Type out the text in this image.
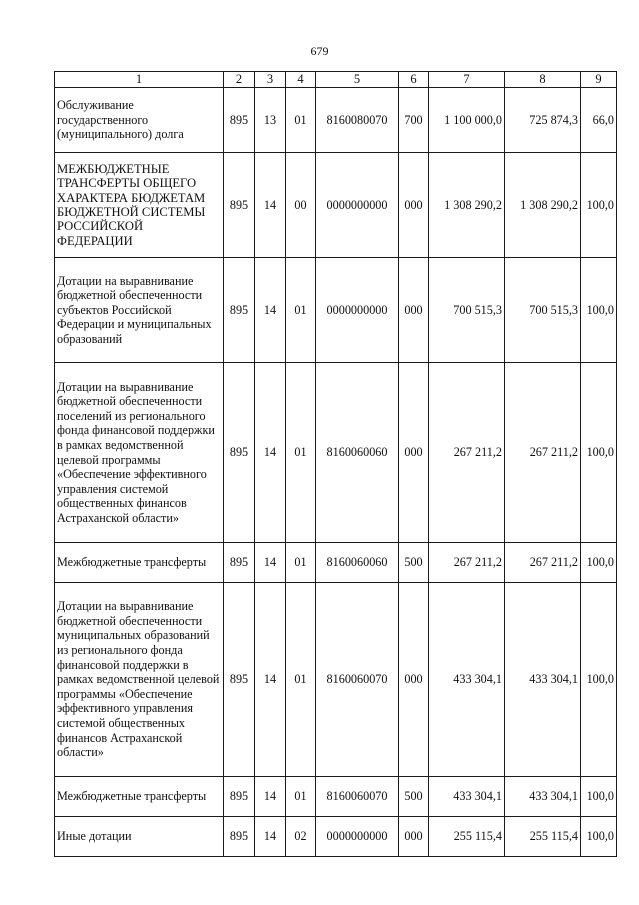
679
1	2	3	4	5	6	7	8	9
Обслуживание государственного (муниципального) долга	895	13	01	8160080070	700	1 100 000,0	725 874,3	66,0
МЕЖБЮДЖЕТНЫЕ ТРАНСФЕРТЫ ОБЩЕГО ХАРАКТЕРА БЮДЖЕТАМ БЮДЖЕТНОЙ СИСТЕМЫ РОССИЙСКОЙ ФЕДЕРАЦИИ	895	14	00	0000000000	000	1 308 290,2	1 308 290,2	100,0
Дотации на выравнивание бюджетной обеспеченности субъектов Российской Федерации и муниципальных образований	895	14	01	0000000000	000	700 515,3	700 515,3	100,0
Дотации на выравнивание бюджетной обеспеченности поселений из регионального фонда финансовой поддержки в рамках ведомственной целевой программы «Обеспечение эффективного управления системой общественных финансов Астраханской области»	895	14	01	8160060060	000	267 211,2	267 211,2	100,0
Межбюджетные трансферты	895	14	01	8160060060	500	267 211,2	267 211,2	100,0
Дотации на выравнивание бюджетной обеспеченности муниципальных образований из регионального фонда финансовой поддержки в рамках ведомственной целевой программы «Обеспечение эффективного управления системой общественных финансов Астраханской области»	895	14	01	8160060070	000	433 304,1	433 304,1	100,0
Межбюджетные трансферты	895	14	01	8160060070	500	433 304,1	433 304,1	100,0
Иные дотации	895	14	02	0000000000	000	255 115,4	255 115,4	100,0
